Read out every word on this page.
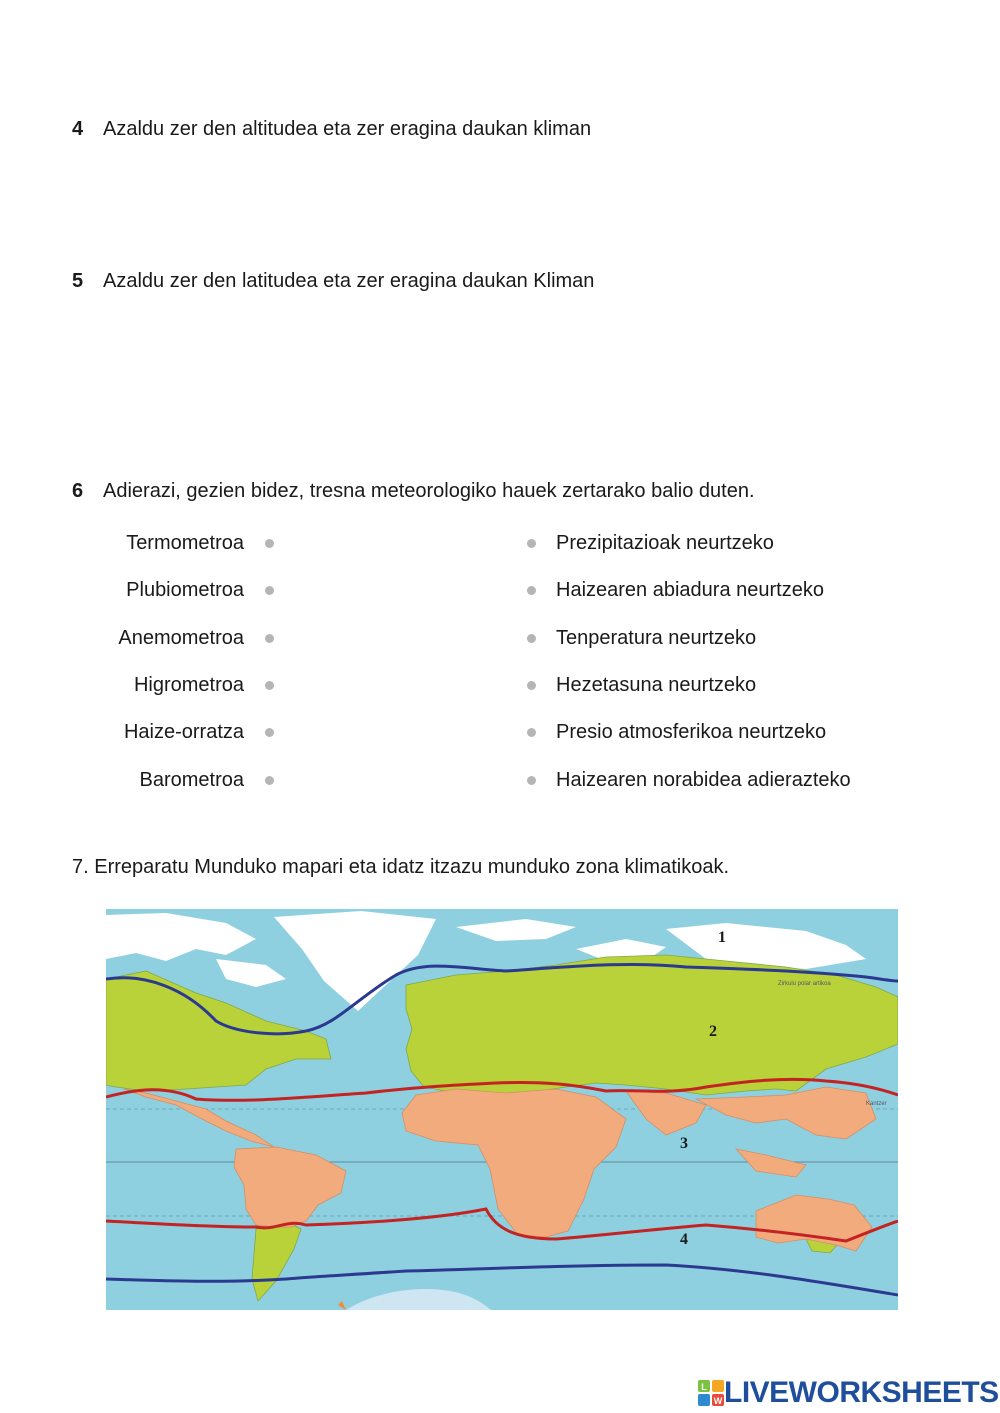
4 Azaldu zer den altitudea eta zer eragina daukan kliman
5 Azaldu zer den latitudea eta zer eragina daukan Kliman
6 Adierazi, gezien bidez, tresna meteorologiko hauek zertarako balio duten.
Termometroa
Plubiometroa
Anemometroa
Higrometroa
Haize-orratza
Barometroa
Prezipitazioak neurtzeko
Haizearen abiadura neurtzeko
Tenperatura neurtzeko
Hezetasuna neurtzeko
Presio atmosferikoa neurtzeko
Haizearen norabidea adierazteko
7. Erreparatu Munduko mapari eta idatz itzazu munduko zona klimatikoak.
1
2
3
4
Zirkulu polar artikoa
Kantzer
L
W LIVEWORKSHEETS
